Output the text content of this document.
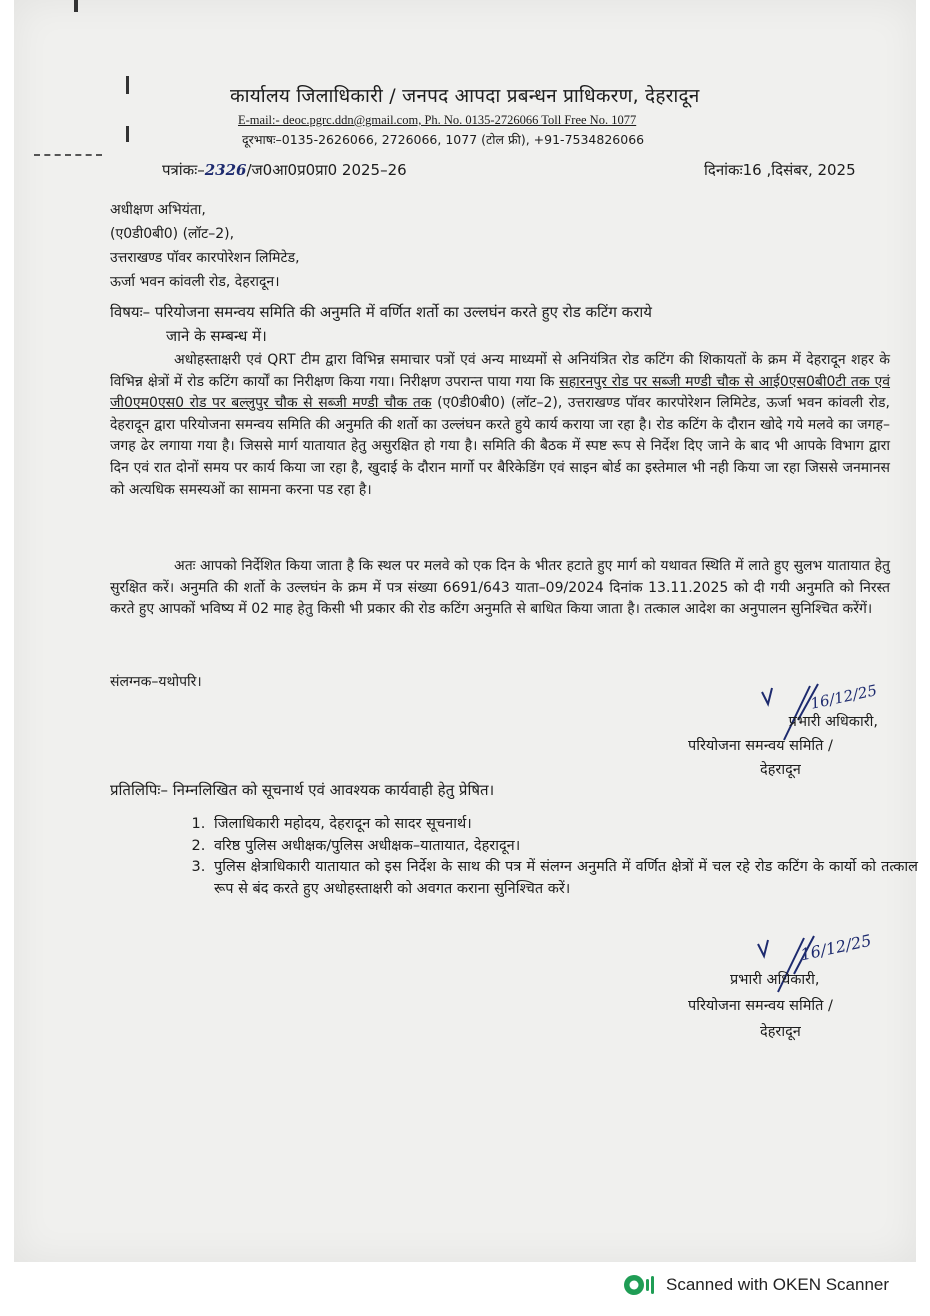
कार्यालय जिलाधिकारी / जनपद आपदा प्रबन्धन प्राधिकरण, देहरादून
E-mail:- deoc.pgrc.ddn@gmail.com, Ph. No. 0135-2726066 Toll Free No. 1077
दूरभाषः–0135-2626066, 2726066, 1077 (टोल फ्री), +91-7534826066
पत्रांकः–2326/ज0आ0प्र0प्रा0 2025–26	दिनांकः16 ,दिसंबर, 2025
अधीक्षण अभियंता,
(ए0डी0बी0) (लॉट–2),
उत्तराखण्ड पॉवर कारपोरेशन लिमिटेड,
ऊर्जा भवन कांवली रोड, देहरादून।
विषयः– परियोजना समन्वय समिति की अनुमति में वर्णित शर्तो का उल्लघंन करते हुए रोड कटिंग कराये
जाने के सम्बन्ध में।
अधोहस्ताक्षरी एवं QRT टीम द्वारा विभिन्न समाचार पत्रों एवं अन्य माध्यमों से अनियंत्रित रोड कटिंग की शिकायतों के क्रम में देहरादून शहर के विभिन्न क्षेत्रों में रोड कटिंग कार्यों का निरीक्षण किया गया। निरीक्षण उपरान्त पाया गया कि सहारनपुर रोड पर सब्जी मण्डी चौक से आई0एस0बी0टी तक एवं जी0एम0एस0 रोड पर बल्लुपुर चौक से सब्जी मण्डी चौक तक (ए0डी0बी0) (लॉट–2), उत्तराखण्ड पॉवर कारपोरेशन लिमिटेड, ऊर्जा भवन कांवली रोड, देहरादून द्वारा परियोजना समन्वय समिति की अनुमति की शर्तो का उल्लंघन करते हुये कार्य कराया जा रहा है। रोड कटिंग के दौरान खोदे गये मलवे का जगह–जगह ढेर लगाया गया है। जिससे मार्ग यातायात हेतु असुरक्षित हो गया है। समिति की बैठक में स्पष्ट रूप से निर्देश दिए जाने के बाद भी आपके विभाग द्वारा दिन एवं रात दोनों समय पर कार्य किया जा रहा है, खुदाई के दौरान मार्गो पर बैरिकेडिंग एवं साइन बोर्ड का इस्तेमाल भी नही किया जा रहा जिससे जनमानस को अत्यधिक समस्यओं का सामना करना पड रहा है।
अतः आपको निर्देशित किया जाता है कि स्थल पर मलवे को एक दिन के भीतर हटाते हुए मार्ग को यथावत स्थिति में लाते हुए सुलभ यातायात हेतु सुरक्षित करें। अनुमति की शर्तो के उल्लघंन के क्रम में पत्र संख्या 6691/643 याता–09/2024 दिनांक 13.11.2025 को दी गयी अनुमति को निरस्त करते हुए आपकों भविष्य में 02 माह हेतु किसी भी प्रकार की रोड कटिंग अनुमति से बाधित किया जाता है। तत्काल आदेश का अनुपालन सुनिश्चित करेंगें।
संलग्नक–यथोपरि।	16/12/25
प्रभारी अधिकारी,
परियोजना समन्वय समिति /
देहरादून
प्रतिलिपिः– निम्नलिखित को सूचनार्थ एवं आवश्यक कार्यवाही हेतु प्रेषित।
1. जिलाधिकारी महोदय, देहरादून को सादर सूचनार्थ।
2. वरिष्ठ पुलिस अधीक्षक/पुलिस अधीक्षक–यातायात, देहरादून।
3. पुलिस क्षेत्राधिकारी यातायात को इस निर्देश के साथ की पत्र में संलग्न अनुमति में वर्णित क्षेत्रों में चल रहे रोड कटिंग के कार्यो को तत्काल रूप से बंद करते हुए अधोहस्ताक्षरी को अवगत कराना सुनिश्चित करें।
16/12/25
प्रभारी अधिकारी,
परियोजना समन्वय समिति /
देहरादून
Scanned with OKEN Scanner
